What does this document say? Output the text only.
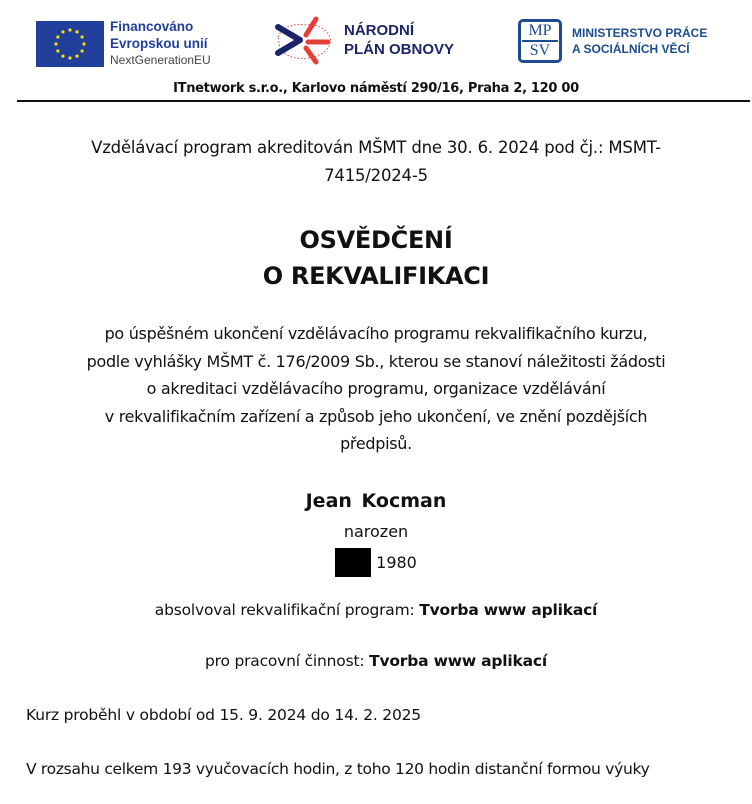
Financováno
Evropskou unií
NextGenerationEU
NÁRODNÍ
PLÁN OBNOVY
MP
SV
MINISTERSTVO PRÁCE
A SOCIÁLNÍCH VĚCÍ
ITnetwork s.r.o., Karlovo náměstí 290/16, Praha 2, 120 00
Vzdělávací program akreditován MŠMT dne 30. 6. 2024 pod čj.: MSMT-
7415/2024-5
OSVĚDČENÍ
O REKVALIFIKACI
po úspěšném ukončení vzdělávacího programu rekvalifikačního kurzu,
podle vyhlášky MŠMT č. 176/2009 Sb., kterou se stanoví náležitosti žádosti
o akreditaci vzdělávacího programu, organizace vzdělávání
v rekvalifikačním zařízení a způsob jeho ukončení, ve znění pozdějších
předpisů.
Jean Kocman
narozen
1980
absolvoval rekvalifikační program: Tvorba www aplikací
pro pracovní činnost: Tvorba www aplikací
Kurz proběhl v období od 15. 9. 2024 do 14. 2. 2025
V rozsahu celkem 193 vyučovacích hodin, z toho 120 hodin distanční formou výuky
